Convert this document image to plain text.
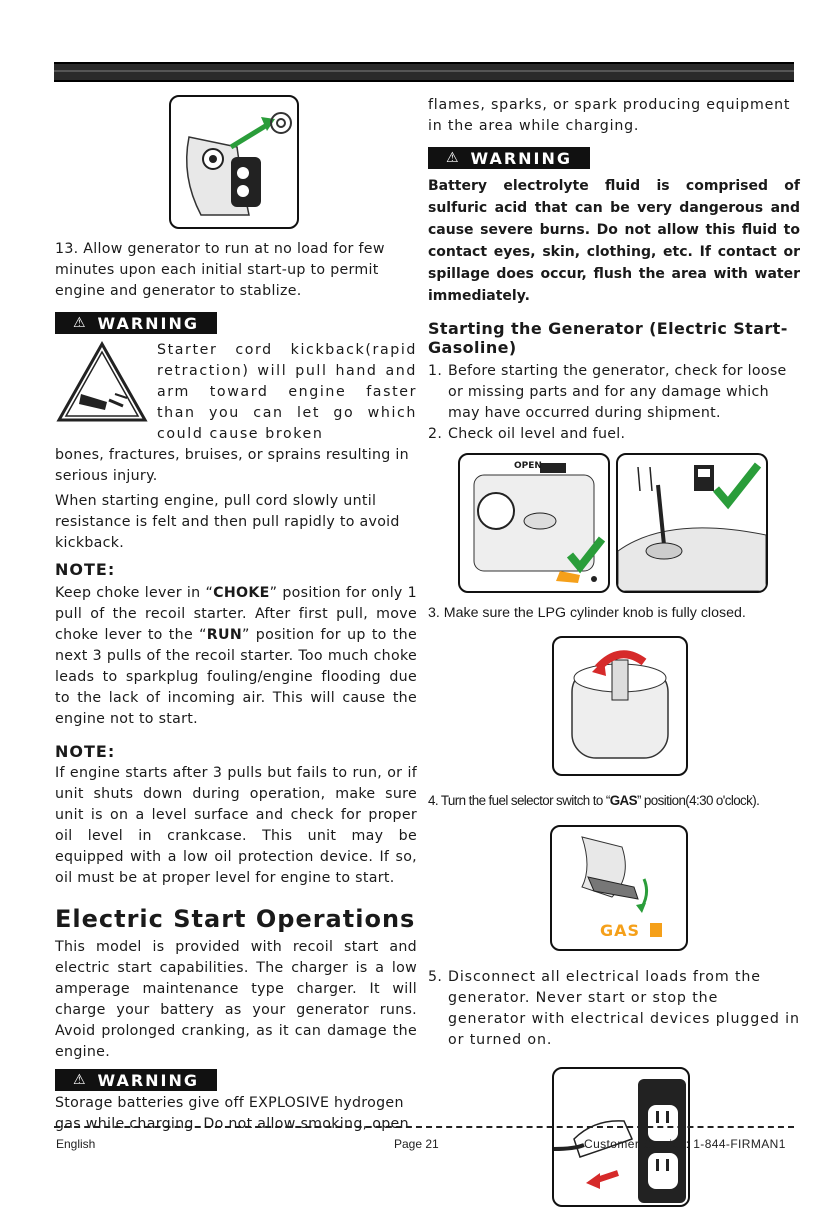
13. Allow generator to run at no load for few minutes upon each initial start-up to permit engine and generator to stablize.

⚠ WARNING
Starter cord kickback(rapid retraction) will pull hand and arm toward engine faster than you can let go which could cause broken

bones, fractures, bruises, or sprains resulting in serious injury.

When starting engine, pull cord slowly until resistance is felt and then pull rapidly to avoid kickback.

NOTE:

Keep choke lever in “CHOKE” position for only 1 pull of the recoil starter. After first pull, move choke lever to the “RUN” position for up to the next 3 pulls of the recoil starter. Too much choke leads to sparkplug fouling/engine flooding due to the lack of incoming air. This will cause the engine not to start.

NOTE:

If engine starts after 3 pulls but fails to run, or if unit shuts down during operation, make sure unit is on a level surface and check for proper oil level in crankcase. This unit may be equipped with a low oil protection device. If so, oil must be at proper level for engine to start.

Electric Start Operations

This model is provided with recoil start and electric start capabilities. The charger is a low amperage maintenance type charger. It will charge your battery as your generator runs. Avoid prolonged cranking, as it can damage the engine.

⚠ WARNING

Storage batteries give off EXPLOSIVE hydrogen gas while charging. Do not allow smoking, open

flames, sparks, or spark producing equipment in the area while charging.

⚠ WARNING

Battery electrolyte fluid is comprised of sulfuric acid that can be very dangerous and cause severe burns. Do not allow this fluid to contact eyes, skin, clothing, etc. If contact or spillage does occur, flush the area with water immediately.

Starting the Generator (Electric Start-Gasoline)
1. Before starting the generator, check for loose or missing parts and for any damage which may have occurred during shipment.
2. Check oil level and fuel.
OPEN

3. Make sure the LPG cylinder knob is fully closed.

4. Turn the fuel selector switch to “GAS” position(4:30 o'clock).

GAS
5. Disconnect all electrical loads from the generator. Never start or stop the generator with electrical devices plugged in or turned on.
English	Page 21	Customer Service: 1-844-FIRMAN1
